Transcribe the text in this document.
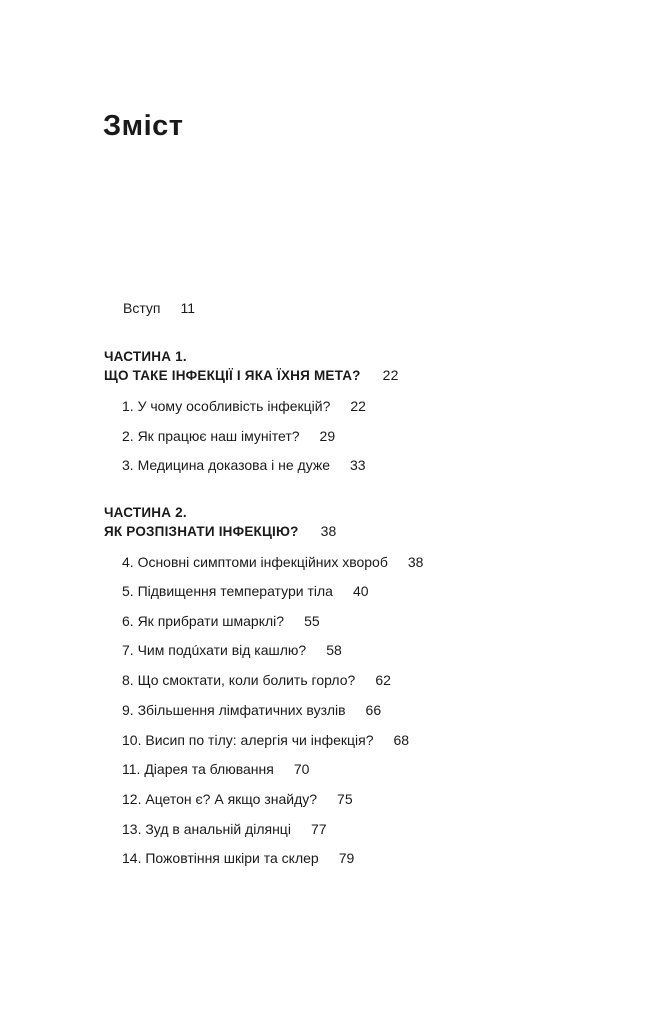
Зміст
Вступ 11
ЧАСТИНА 1.
ЩО ТАКЕ ІНФЕКЦІЇ І ЯКА ЇХНЯ МЕТА? 22
1. У чому особливість інфекцій? 22
2. Як працює наш імунітет? 29
3. Медицина доказова і не дуже 33
ЧАСТИНА 2.
ЯК РОЗПІЗНАТИ ІНФЕКЦІЮ? 38
4. Основні симптоми інфекційних хвороб 38
5. Підвищення температури тіла 40
6. Як прибрати шмарклі? 55
7. Чим подúхати від кашлю? 58
8. Що смоктати, коли болить горло? 62
9. Збільшення лімфатичних вузлів 66
10. Висип по тілу: алергія чи інфекція? 68
11. Діарея та блювання 70
12. Ацетон є? А якщо знайду? 75
13. Зуд в анальній ділянці 77
14. Пожовтіння шкіри та склер 79
